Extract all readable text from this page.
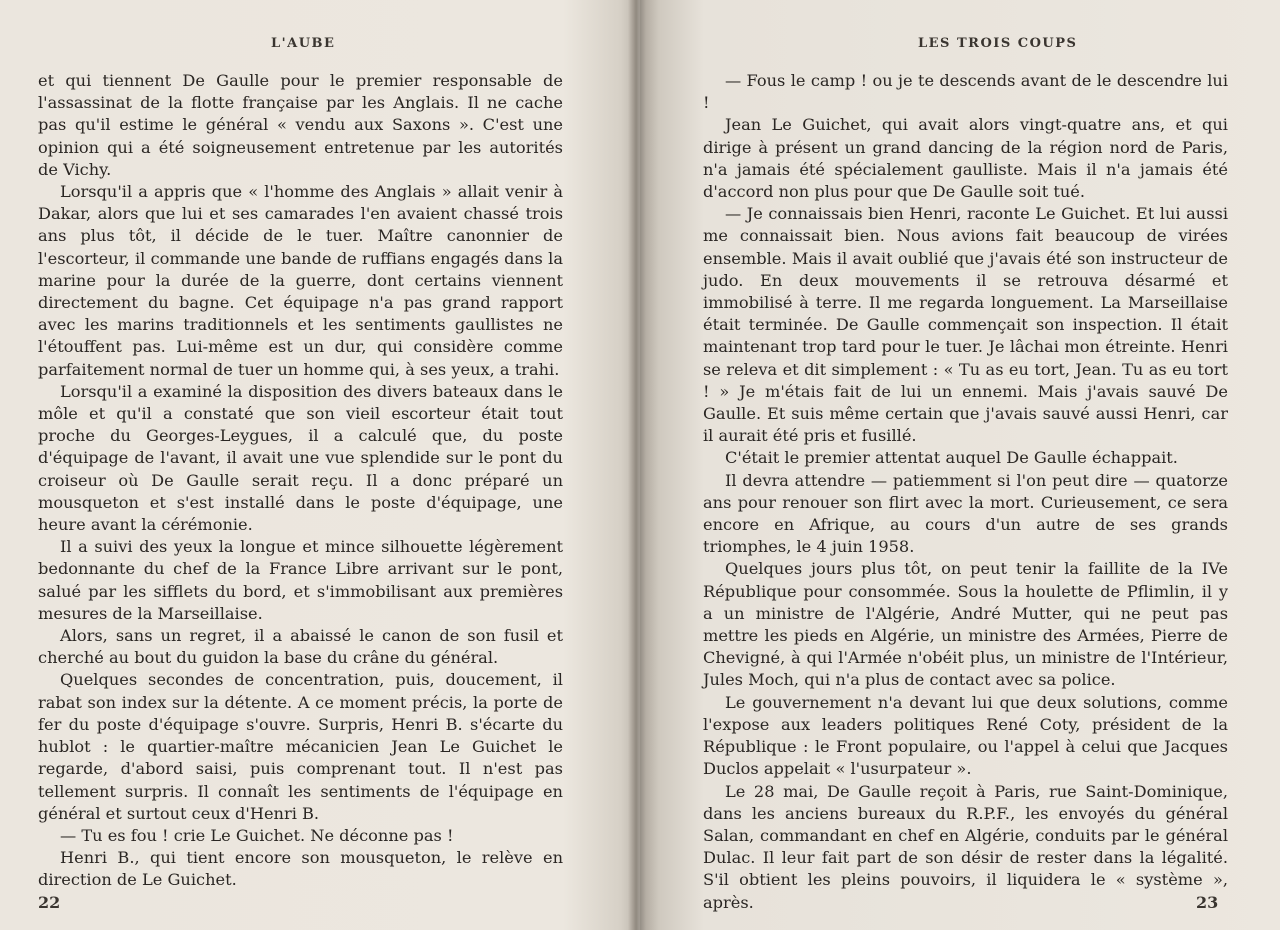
L'AUBE

et qui tiennent De Gaulle pour le premier responsable de l'assassinat de la flotte française par les Anglais. Il ne cache pas qu'il estime le général « vendu aux Saxons ». C'est une opinion qui a été soigneusement entretenue par les autorités de Vichy.

Lorsqu'il a appris que « l'homme des Anglais » allait venir à Dakar, alors que lui et ses camarades l'en avaient chassé trois ans plus tôt, il décide de le tuer. Maître canonnier de l'escorteur, il commande une bande de ruffians engagés dans la marine pour la durée de la guerre, dont certains viennent directement du bagne. Cet équipage n'a pas grand rapport avec les marins traditionnels et les sentiments gaullistes ne l'étouffent pas. Lui-même est un dur, qui considère comme parfaitement normal de tuer un homme qui, à ses yeux, a trahi.

Lorsqu'il a examiné la disposition des divers bateaux dans le môle et qu'il a constaté que son vieil escorteur était tout proche du Georges-Leygues, il a calculé que, du poste d'équipage de l'avant, il avait une vue splendide sur le pont du croiseur où De Gaulle serait reçu. Il a donc préparé un mousqueton et s'est installé dans le poste d'équipage, une heure avant la cérémonie.

Il a suivi des yeux la longue et mince silhouette légèrement bedonnante du chef de la France Libre arrivant sur le pont, salué par les sifflets du bord, et s'immobilisant aux premières mesures de la Marseillaise.

Alors, sans un regret, il a abaissé le canon de son fusil et cherché au bout du guidon la base du crâne du général.

Quelques secondes de concentration, puis, doucement, il rabat son index sur la détente. A ce moment précis, la porte de fer du poste d'équipage s'ouvre. Surpris, Henri B. s'écarte du hublot : le quartier-maître mécanicien Jean Le Guichet le regarde, d'abord saisi, puis comprenant tout. Il n'est pas tellement surpris. Il connaît les sentiments de l'équipage en général et surtout ceux d'Henri B.

— Tu es fou ! crie Le Guichet. Ne déconne pas !

Henri B., qui tient encore son mousqueton, le relève en direction de Le Guichet.

22
LES TROIS COUPS

— Fous le camp ! ou je te descends avant de le descendre lui !

Jean Le Guichet, qui avait alors vingt-quatre ans, et qui dirige à présent un grand dancing de la région nord de Paris, n'a jamais été spécialement gaulliste. Mais il n'a jamais été d'accord non plus pour que De Gaulle soit tué.

— Je connaissais bien Henri, raconte Le Guichet. Et lui aussi me connaissait bien. Nous avions fait beaucoup de virées ensemble. Mais il avait oublié que j'avais été son instructeur de judo. En deux mouvements il se retrouva désarmé et immobilisé à terre. Il me regarda longuement. La Marseillaise était terminée. De Gaulle commençait son inspection. Il était maintenant trop tard pour le tuer. Je lâchai mon étreinte. Henri se releva et dit simplement : « Tu as eu tort, Jean. Tu as eu tort ! » Je m'étais fait de lui un ennemi. Mais j'avais sauvé De Gaulle. Et suis même certain que j'avais sauvé aussi Henri, car il aurait été pris et fusillé.

C'était le premier attentat auquel De Gaulle échappait.

Il devra attendre — patiemment si l'on peut dire — quatorze ans pour renouer son flirt avec la mort. Curieusement, ce sera encore en Afrique, au cours d'un autre de ses grands triomphes, le 4 juin 1958.

Quelques jours plus tôt, on peut tenir la faillite de la IVe République pour consommée. Sous la houlette de Pflimlin, il y a un ministre de l'Algérie, André Mutter, qui ne peut pas mettre les pieds en Algérie, un ministre des Armées, Pierre de Chevigné, à qui l'Armée n'obéit plus, un ministre de l'Intérieur, Jules Moch, qui n'a plus de contact avec sa police.

Le gouvernement n'a devant lui que deux solutions, comme l'expose aux leaders politiques René Coty, président de la République : le Front populaire, ou l'appel à celui que Jacques Duclos appelait « l'usurpateur ».

Le 28 mai, De Gaulle reçoit à Paris, rue Saint-Dominique, dans les anciens bureaux du R.P.F., les envoyés du général Salan, commandant en chef en Algérie, conduits par le général Dulac. Il leur fait part de son désir de rester dans la légalité. S'il obtient les pleins pouvoirs, il liquidera le « système », après.	23
